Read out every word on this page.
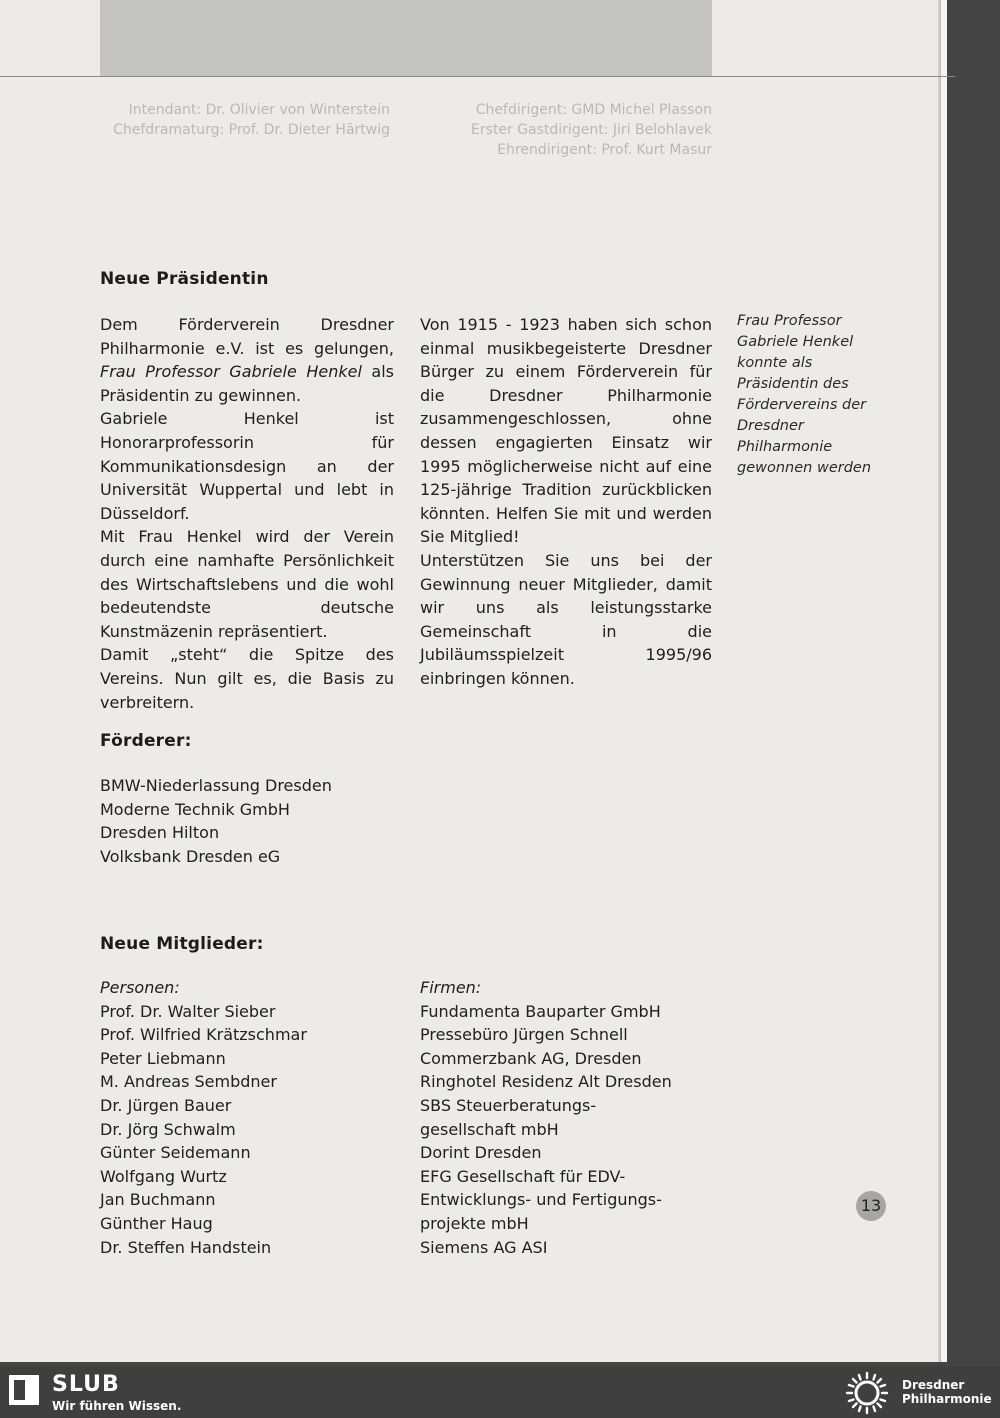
Intendant: Dr. Olivier von Winterstein
Chefdramaturg: Prof. Dr. Dieter Härtwig
Chefdirigent: GMD Michel Plasson
Erster Gastdirigent: Jiri Belohlavek
Ehrendirigent: Prof. Kurt Masur
Neue Präsidentin

Dem Förderverein Dresdner Philharmonie e.V. ist es gelungen, Frau Professor Gabriele Henkel als Präsidentin zu gewinnen.

Gabriele Henkel ist Honorarprofessorin für Kommunikationsdesign an der Universität Wuppertal und lebt in Düsseldorf.

Mit Frau Henkel wird der Verein durch eine namhafte Persönlichkeit des Wirtschaftslebens und die wohl bedeutendste deutsche Kunstmäzenin repräsentiert.

Damit „steht“ die Spitze des Vereins. Nun gilt es, die Basis zu verbreitern.

Von 1915 - 1923 haben sich schon einmal musikbegeisterte Dresdner Bürger zu einem Förderverein für die Dresdner Philharmonie zusammengeschlossen, ohne dessen engagierten Einsatz wir 1995 möglicherweise nicht auf eine 125-jährige Tradition zurückblicken könnten. Helfen Sie mit und werden Sie Mitglied!

Unterstützen Sie uns bei der Gewinnung neuer Mitglieder, damit wir uns als leistungsstarke Gemeinschaft in die Jubiläumsspielzeit 1995/96 einbringen können.

Frau Professor Gabriele Henkel konnte als Präsidentin des Fördervereins der Dresdner Philharmonie gewonnen werden
Förderer:
BMW-Niederlassung Dresden
Moderne Technik GmbH
Dresden Hilton
Volksbank Dresden eG
Neue Mitglieder:
Personen:
Prof. Dr. Walter Sieber
Prof. Wilfried Krätzschmar
Peter Liebmann
M. Andreas Sembdner
Dr. Jürgen Bauer
Dr. Jörg Schwalm
Günter Seidemann
Wolfgang Wurtz
Jan Buchmann
Günther Haug
Dr. Steffen Handstein
Firmen:
Fundamenta Bauparter GmbH
Pressebüro Jürgen Schnell
Commerzbank AG, Dresden
Ringhotel Residenz Alt Dresden
SBS Steuerberatungs-
gesellschaft mbH
Dorint Dresden
EFG Gesellschaft für EDV-
Entwicklungs- und Fertigungs-
projekte mbH
Siemens AG ASI
13
SLUB
Wir führen Wissen.
Dresdner
Philharmonie
